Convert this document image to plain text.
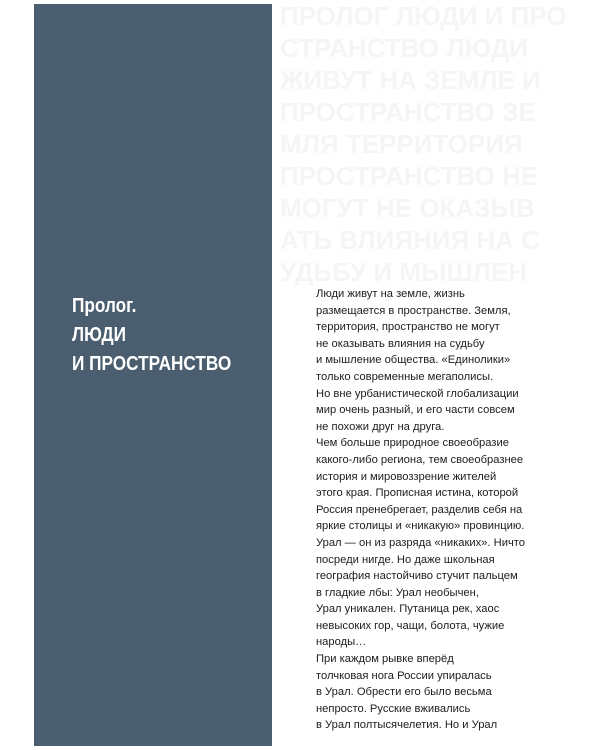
ПРОЛОГ ЛЮДИ И ПРО
СТРАНСТВО ЛЮДИ
ЖИВУТ НА ЗЕМЛЕ И
ПРОСТРАНСТВО ЗЕ
МЛЯ ТЕРРИТОРИЯ
ПРОСТРАНСТВО НЕ
МОГУТ НЕ ОКАЗЫВ
АТЬ ВЛИЯНИЯ НА С
УДЬБУ И МЫШЛЕН
Пролог.
ЛЮДИ
И ПРОСТРАНСТВО
Люди живут на земле, жизнь
размещается в пространстве. Земля,
территория, пространство не могут
не оказывать влияния на судьбу
и мышление общества. «Единолики»
только современные мегаполисы.
Но вне урбанистической глобализации
мир очень разный, и его части совсем
не похожи друг на друга.
Чем больше природное своеобразие
какого-либо региона, тем своеобразнее
история и мировоззрение жителей
этого края. Прописная истина, которой
Россия пренебрегает, разделив себя на
яркие столицы и «никакую» провинцию.
Урал — он из разряда «никаких». Ничто
посреди нигде. Но даже школьная
география настойчиво стучит пальцем
в гладкие лбы: Урал необычен,
Урал уникален. Путаница рек, хаос
невысоких гор, чащи, болота, чужие
народы…
При каждом рывке вперёд
толчковая нога России упиралась
в Урал. Обрести его было весьма
непросто. Русские вживались
в Урал полтысячелетия. Но и Урал
